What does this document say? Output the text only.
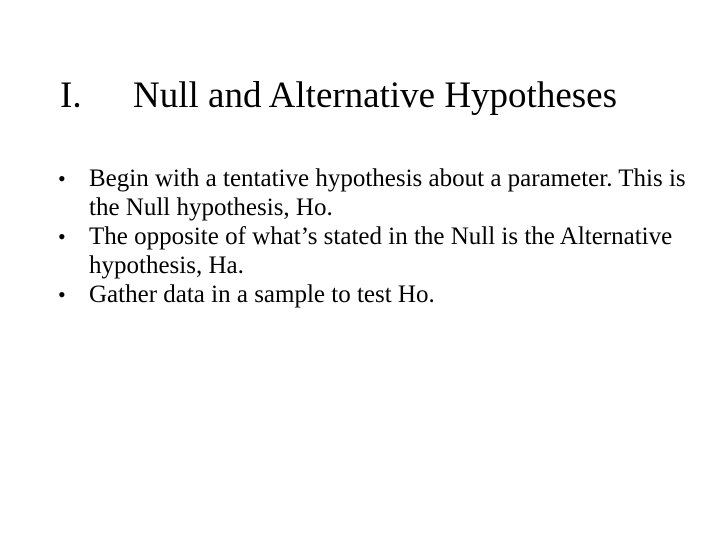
I. Null and Alternative Hypotheses
• Begin with a tentative hypothesis about a parameter. This is the Null hypothesis, Ho.
• The opposite of what’s stated in the Null is the Alternative hypothesis, Ha.
• Gather data in a sample to test Ho.
